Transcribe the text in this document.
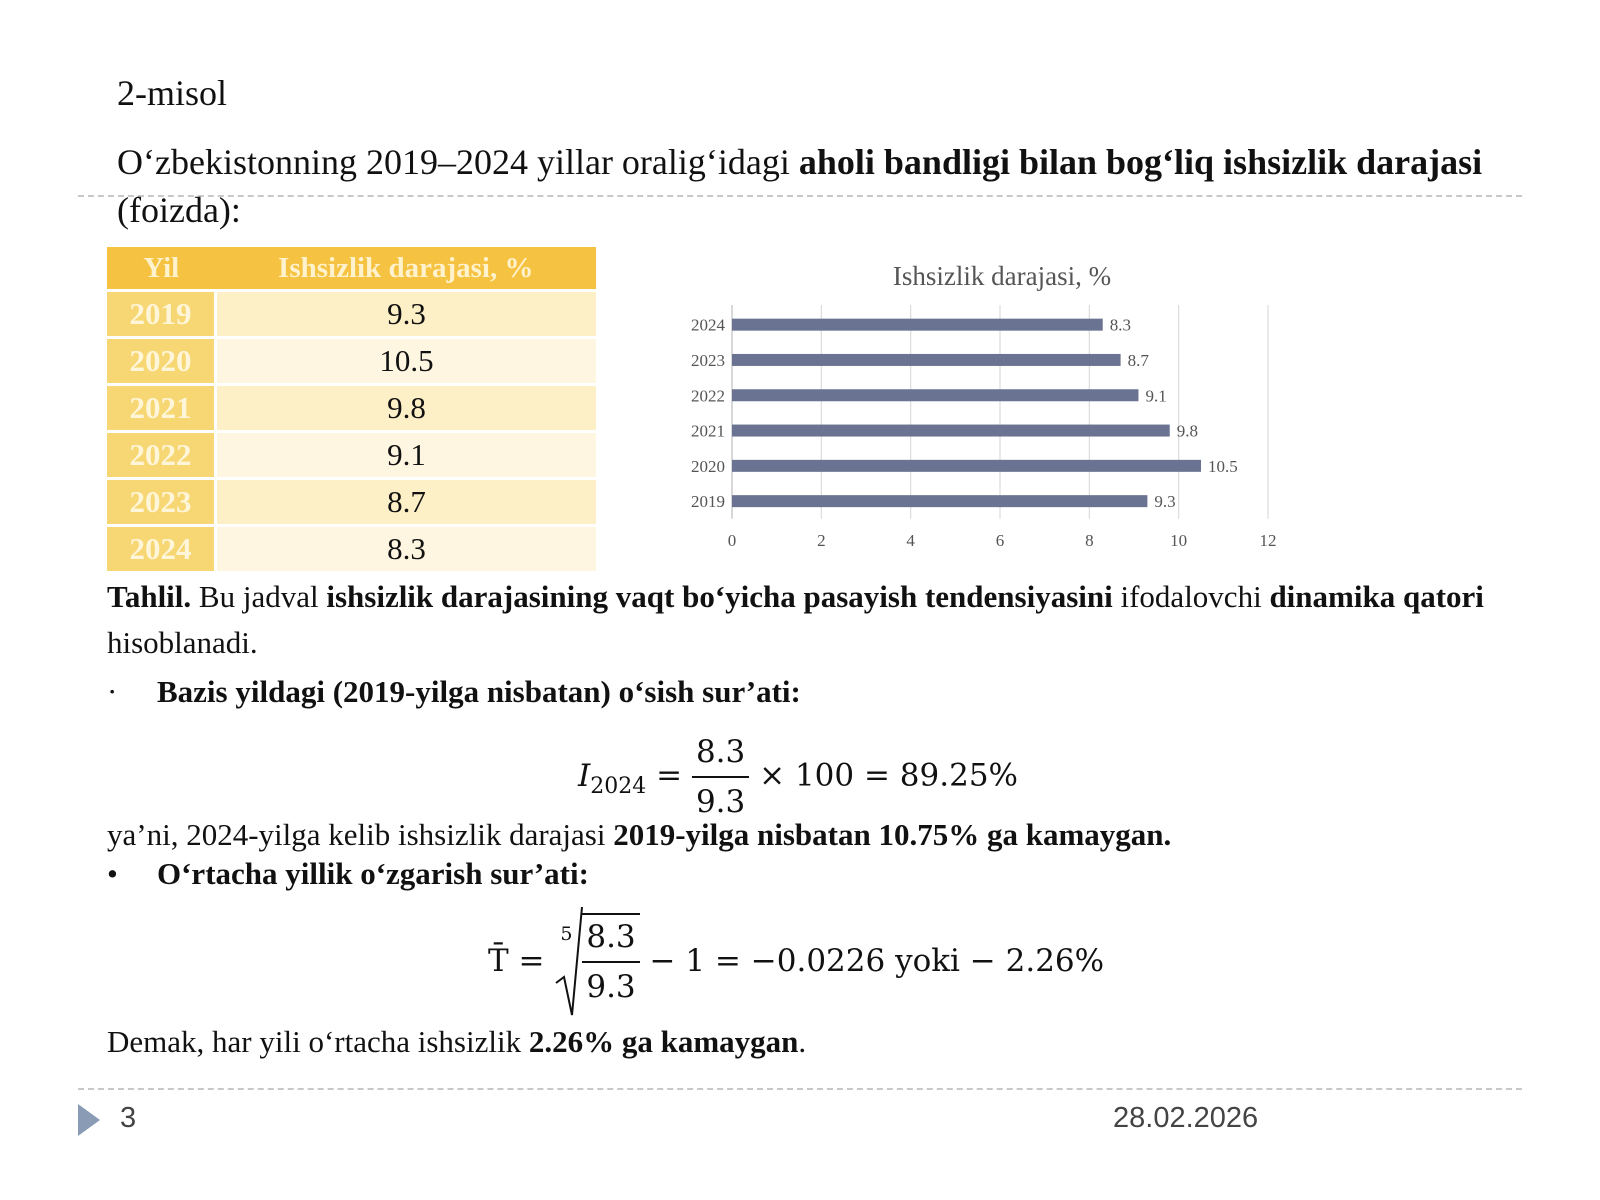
2-misol
O‘zbekistonning 2019–2024 yillar oralig‘idagi aholi bandligi bilan bog‘liq ishsizlik darajasi (foizda):
Yil	Ishsizlik darajasi, %
2019	9.3
2020	10.5
2021	9.8
2022	9.1
2023	8.7
2024	8.3
Ishsizlik darajasi, %
0	2	4	6	8	10	12
2019	9.3
2020	10.5
2021	9.8
2022	9.1
2023	8.7
2024	8.3
Tahlil. Bu jadval ishsizlik darajasining vaqt bo‘yicha pasayish tendensiyasini ifodalovchi dinamika qatori hisoblanadi.
· Bazis yildagi (2019-yilga nisbatan) o‘sish sur’ati:
$I_{2024} = \frac{8.3}{9.3} \times 100 = 89.25\%$
ya’ni, 2024-yilga kelib ishsizlik darajasi 2019-yilga nisbatan 10.75% ga kamaygan.
• O‘rtacha yillik o‘zgarish sur’ati:
T̄ =
$5 \frac{8.3}{9.3} - 1 = -0.0226$ yoki − 2.26%
Demak, har yili o‘rtacha ishsizlik 2.26% ga kamaygan.
3	28.02.2026
